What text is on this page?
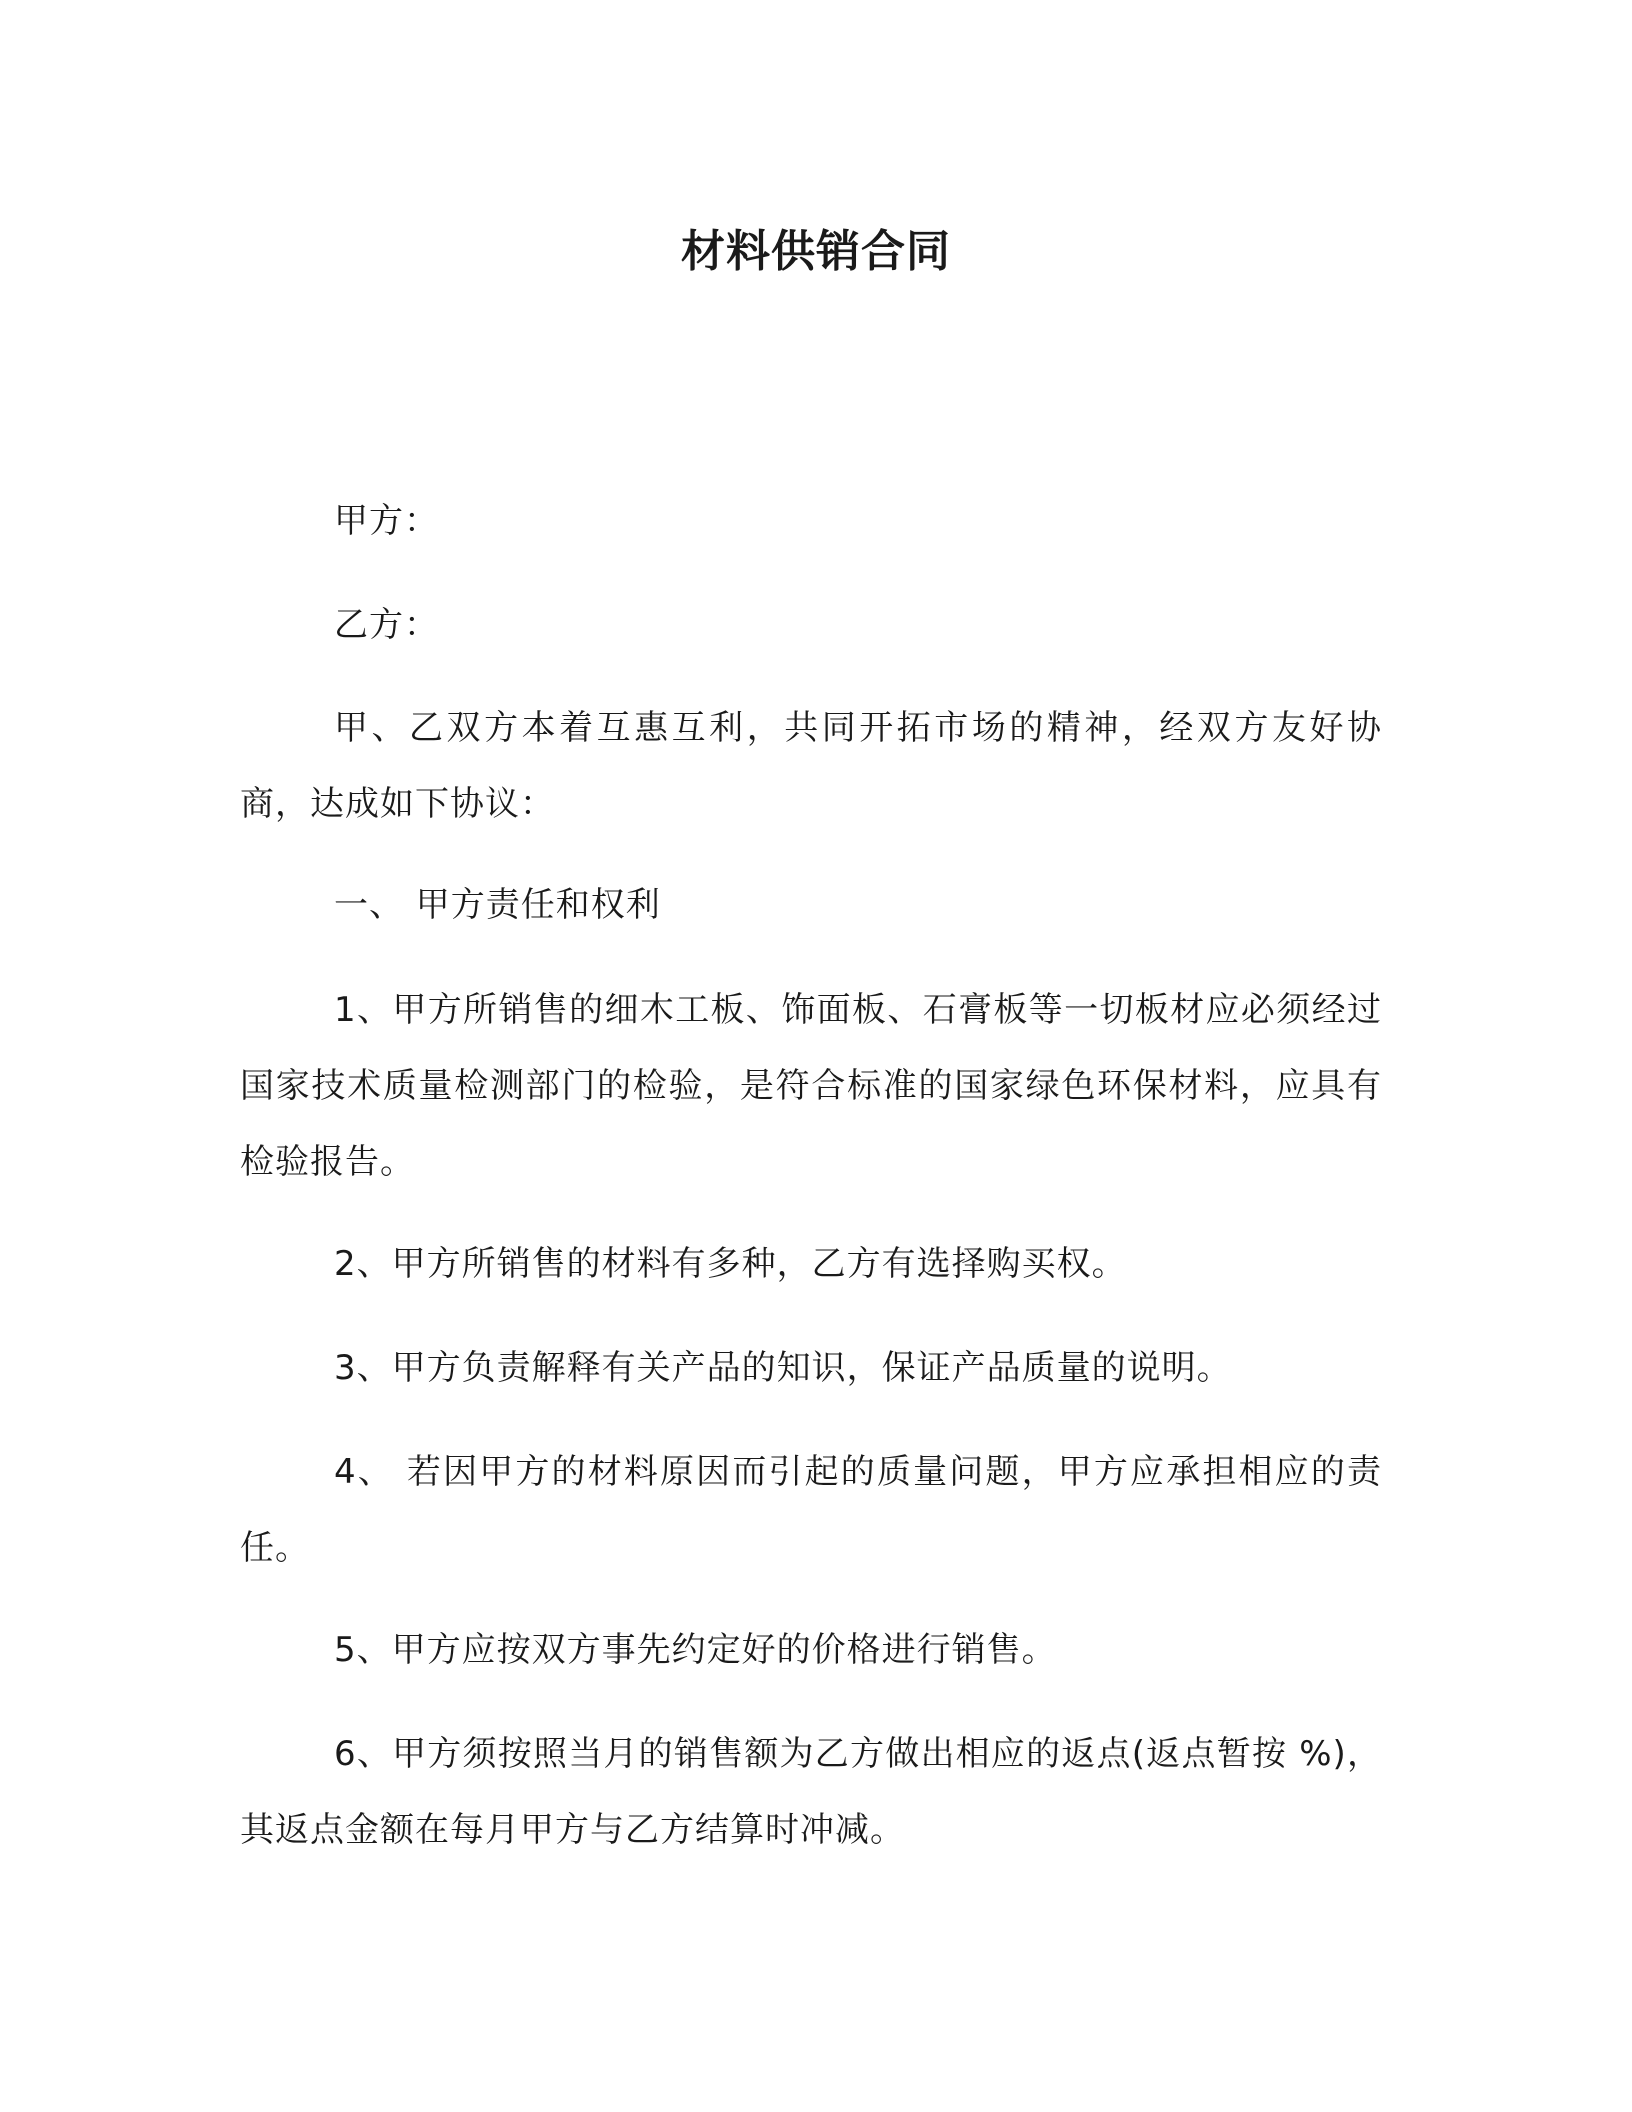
材料供销合同

甲方：

乙方：

甲、乙双方本着互惠互利，共同开拓市场的精神，经双方友好协商，达成如下协议：

一、 甲方责任和权利

1、甲方所销售的细木工板、饰面板、石膏板等一切板材应必须经过国家技术质量检测部门的检验，是符合标准的国家绿色环保材料，应具有检验报告。

2、甲方所销售的材料有多种，乙方有选择购买权。

3、甲方负责解释有关产品的知识，保证产品质量的说明。

4、 若因甲方的材料原因而引起的质量问题，甲方应承担相应的责任。

5、甲方应按双方事先约定好的价格进行销售。

6、甲方须按照当月的销售额为乙方做出相应的返点(返点暂按 %)，其返点金额在每月甲方与乙方结算时冲减。
